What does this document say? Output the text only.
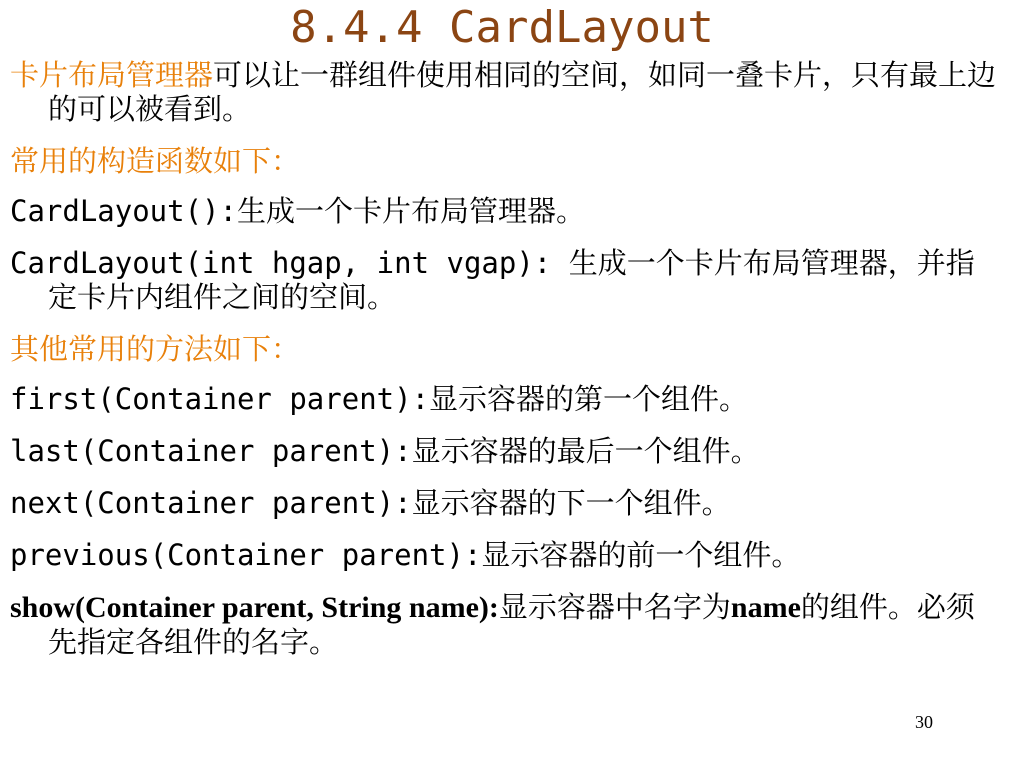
8.4.4 CardLayout

卡片布局管理器可以让一群组件使用相同的空间，如同一叠卡片，只有最上边的可以被看到。

常用的构造函数如下：

CardLayout():生成一个卡片布局管理器。

CardLayout(int hgap, int vgap): 生成一个卡片布局管理器，并指定卡片内组件之间的空间。

其他常用的方法如下：

first(Container parent):显示容器的第一个组件。

last(Container parent):显示容器的最后一个组件。

next(Container parent):显示容器的下一个组件。

previous(Container parent):显示容器的前一个组件。

show(Container parent, String name):显示容器中名字为name的组件。必须先指定各组件的名字。

30
